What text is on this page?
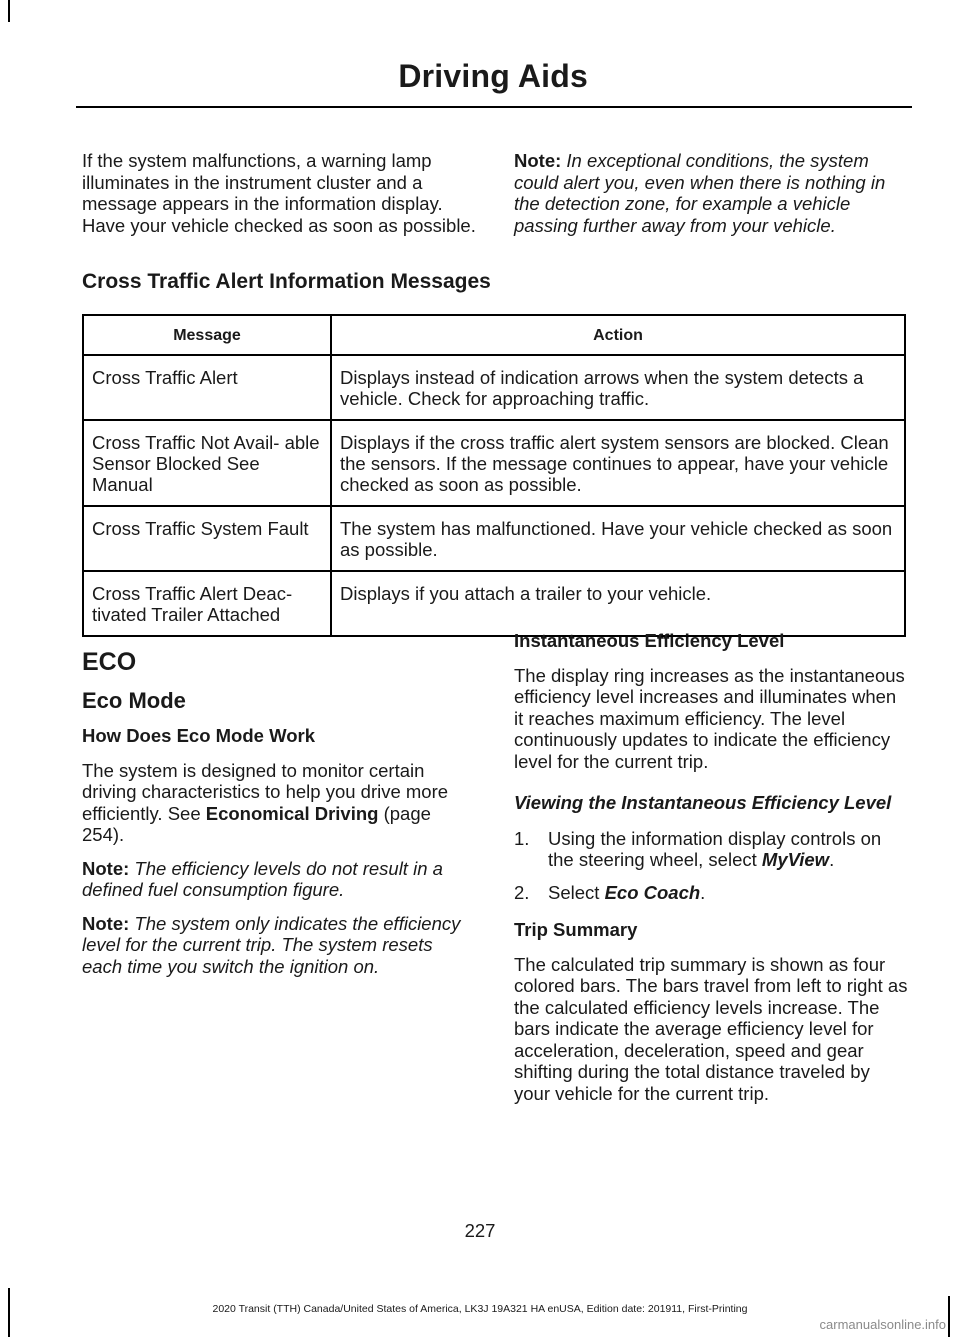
Driving Aids

If the system malfunctions, a warning lamp illuminates in the instrument cluster and a message appears in the information display. Have your vehicle checked as soon as possible.

Note: In exceptional conditions, the system could alert you, even when there is nothing in the detection zone, for example a vehicle passing further away from your vehicle.

Cross Traffic Alert Information Messages
Message	Action
Cross Traffic Alert	Displays instead of indication arrows when the system detects a vehicle. Check for approaching traffic.
Cross Traffic Not Avail- able Sensor Blocked See Manual	Displays if the cross traffic alert system sensors are blocked. Clean the sensors. If the message continues to appear, have your vehicle checked as soon as possible.
Cross Traffic System Fault	The system has malfunctioned. Have your vehicle checked as soon as possible.
Cross Traffic Alert Deac- tivated Trailer Attached	Displays if you attach a trailer to your vehicle.
ECO
Eco Mode
How Does Eco Mode Work

The system is designed to monitor certain driving characteristics to help you drive more efficiently. See Economical Driving (page 254).

Note: The efficiency levels do not result in a defined fuel consumption figure.

Note: The system only indicates the efficiency level for the current trip. The system resets each time you switch the ignition on.

Instantaneous Efficiency Level

The display ring increases as the instantaneous efficiency level increases and illuminates when it reaches maximum efficiency. The level continuously updates to indicate the efficiency level for the current trip.

Viewing the Instantaneous Efficiency Level

1.	Using the information display controls on the steering wheel, select MyView.
2.	Select Eco Coach.
Trip Summary

The calculated trip summary is shown as four colored bars. The bars travel from left to right as the calculated efficiency levels increase. The bars indicate the average efficiency level for acceleration, deceleration, speed and gear shifting during the total distance traveled by your vehicle for the current trip.

227
2020 Transit (TTH) Canada/United States of America, LK3J 19A321 HA enUSA, Edition date: 201911, First-Printing
carmanualsonline.info
